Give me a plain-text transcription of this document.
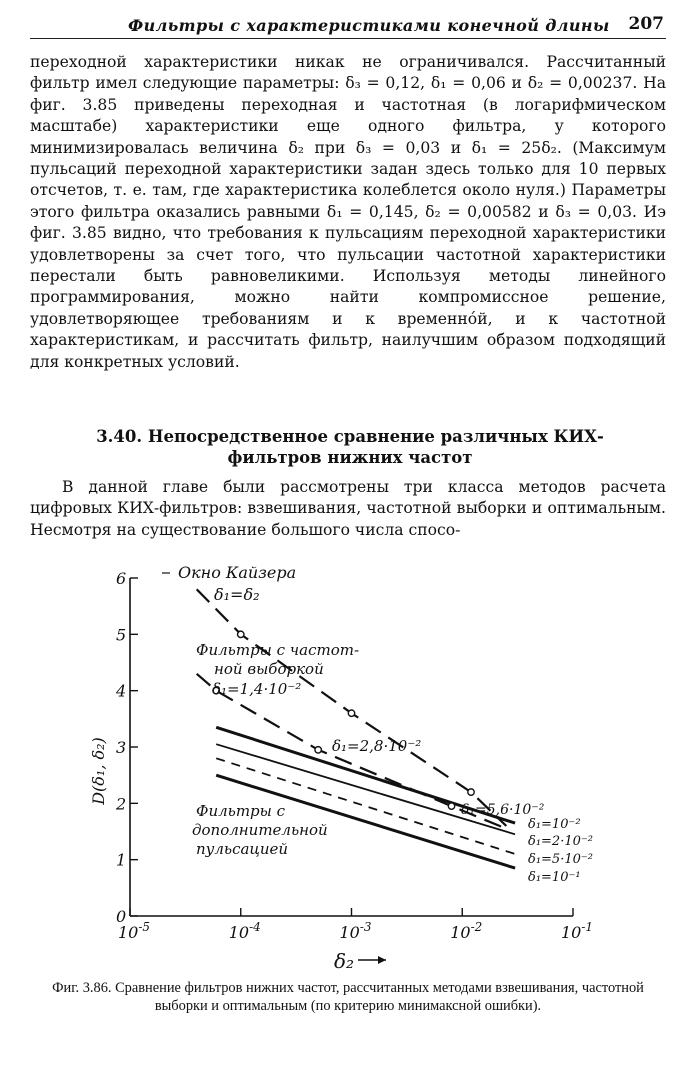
Фильтры с характеристиками конечной длины 207

переходной характеристики никак не ограничивался. Рассчитанный фильтр имел следующие параметры: δ₃ = 0,12, δ₁ = 0,06 и δ₂ = 0,00237. На фиг. 3.85 приведены переходная и частотная (в логарифмическом масштабе) характеристики еще одного фильтра, у которого минимизировалась величина δ₂ при δ₃ = 0,03 и δ₁ = 25δ₂. (Максимум пульсаций переходной характеристики задан здесь только для 10 первых отсчетов, т. е. там, где характеристика колеблется около нуля.) Параметры этого фильтра оказались равными δ₁ = 0,145, δ₂ = 0,00582 и δ₃ = 0,03. Иэ фиг. 3.85 видно, что требования к пульсациям переходной характеристики удовлетворены за счет того, что пульсации частотной характеристики перестали быть равновеликими. Используя методы линейного программирования, можно найти компромиссное решение, удовлетворяющее требованиям и к временно́й, и к частотной характеристикам, и рассчитать фильтр, наилучшим образом подходящий для конкретных условий.

3.40. Непосредственное сравнение различных КИХ-фильтров нижних частот

В данной главе были рассмотрены три класса методов расчета цифровых КИХ-фильтров: взвешивания, частотной выборки и оптимальным. Несмотря на существование большого числа спосо-

$10^{-5}$	$10^{-4}$	$10^{-3}$	$10^{-2}$	$10^{-1}$
0
1
2
3
4
5
6
D(δ₁, δ₂)
δ₂
Окно Кайзера
δ₁=δ₂
Фильтры с частот-
ной выборкой
δ₁=1,4·10⁻²
δ₁=2,8·10⁻²
δ₁=5,6·10⁻²
Фильтры с
дополнительной
пульсацией
δ₁=10⁻²
δ₁=2·10⁻²
δ₁=5·10⁻²
δ₁=10⁻¹

Фиг. 3.86. Сравнение фильтров нижних частот, рассчитанных методами взвешивания, частотной выборки и оптимальным (по критерию минимаксной ошибки).
